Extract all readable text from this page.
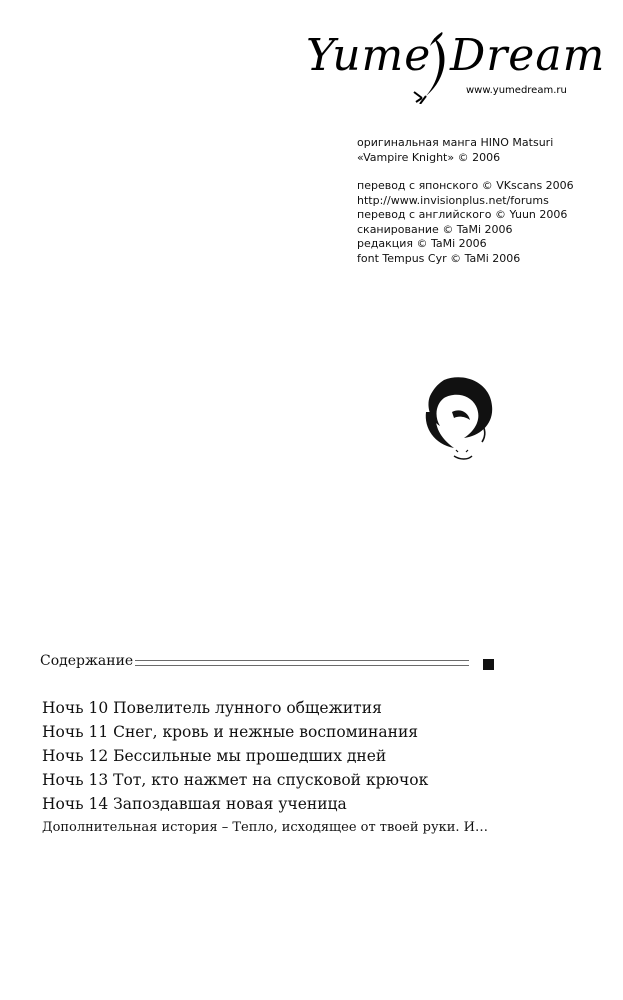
Yume Dream
www.yumedream.ru
оригинальная манга HINO Matsuri
«Vampire Knight» © 2006
перевод с японского © VKscans 2006
http://www.invisionplus.net/forums
перевод с английского © Yuun 2006
сканирование © TaMi 2006
редакция © TaMi 2006
font Tempus Cyr © TaMi 2006
Содержание
Ночь 10 Повелитель лунного общежития
Ночь 11 Снег, кровь и нежные воспоминания
Ночь 12 Бессильные мы прошедших дней
Ночь 13 Тот, кто нажмет на спусковой крючок
Ночь 14 Запоздавшая новая ученица
Дополнительная история – Тепло, исходящее от твоей руки. И…
